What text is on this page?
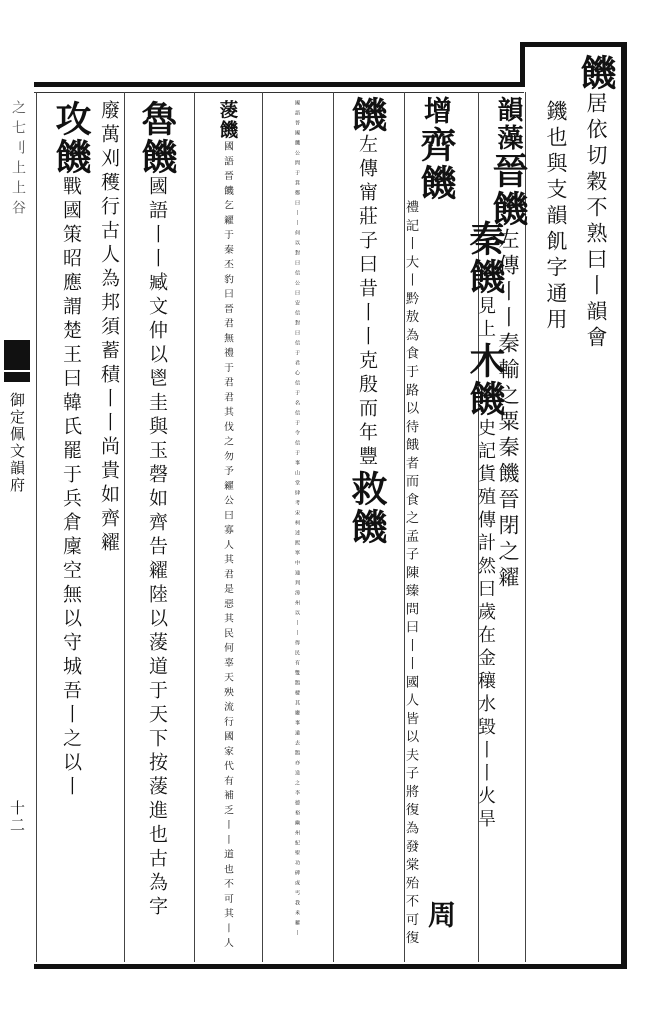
之七刂上上谷
御定佩文韻府
十二
饑居依切穀不熟曰丨韻會
鐖也與支韻飢字通用
韻藻晉饑左傳丨丨秦輸之粟秦饑晉閉之糴
秦饑見上木饑史記貨殖傳計然曰歲在金穰水毀丨丨火旱
增齊饑
禮記丨大丨黔敖為食于路以待餓者而食之孟子陳臻問曰丨丨國人皆以夫子將復為發棠殆不可復 周
饑左傳甯莊子曰昔丨丨克殷而年豐救饑
國語晉國饑公問于箕鄭曰丨丨何以對曰信公曰安信對曰信于君心信于名信于令信于事山堂肆考宋柯述熙寧中通判漳州以丨丨得民有雙鵲棲其廳事遠去鵲亦送之李德裕幽州紀聖功碑或丐我米糴丨
蔆饑國語晉饑乞糴于秦丕豹曰晉君無禮于君君其伐之勿予糴公曰寡人其君是惡其民何辜天殃流行國家代有補乏丨丨道也不可其丨人
魯饑國語丨丨臧文仲以鬯圭與玉磬如齊告糴陸以蔆道于天下按蔆進也古為字
廢萬刈穫行古人為邦須蓄積丨丨尚貴如齊糴
攻饑戰國策昭應謂楚王曰韓氏罷于兵倉廩空無以守城吾丨之以丨
